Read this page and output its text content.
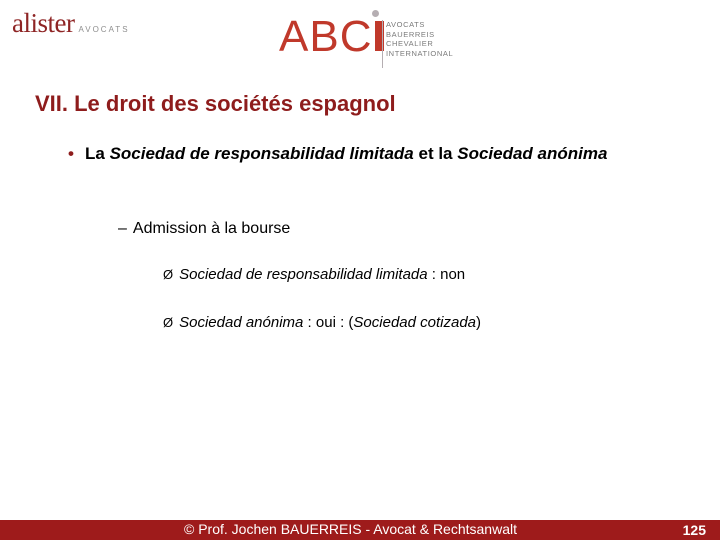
alister AVOCATS	ABC	AVOCATS
BAUERREIS
CHEVALIER
INTERNATIONAL
VII. Le droit des sociétés espagnol
• La Sociedad de responsabilidad limitada et la Sociedad anónima
– Admission à la bourse
Ø Sociedad de responsabilidad limitada : non
Ø Sociedad anónima : oui : (Sociedad cotizada)
© Prof. Jochen BAUERREIS - Avocat & Rechtsanwalt	125
